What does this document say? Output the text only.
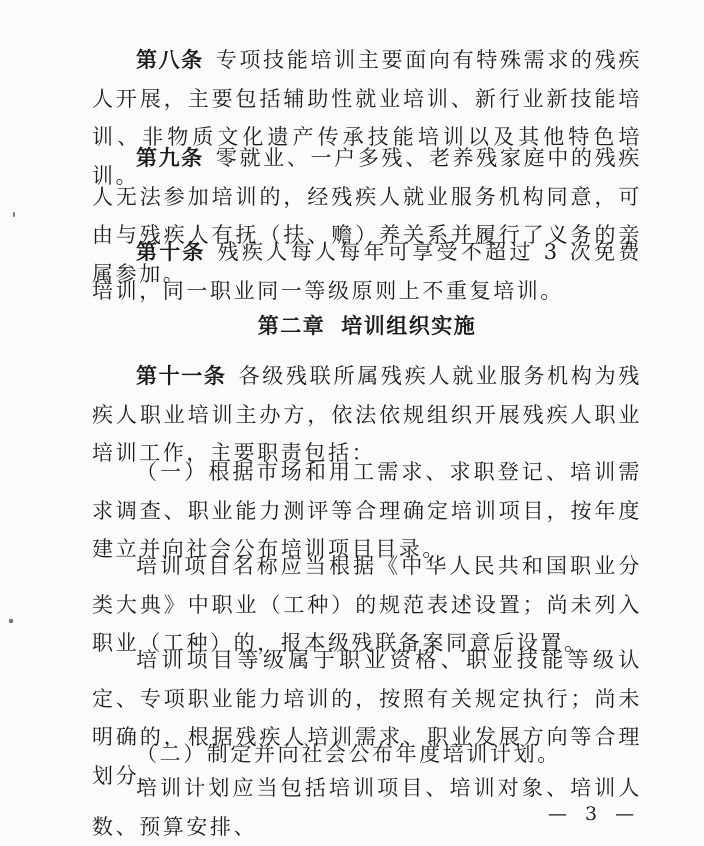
第八条 专项技能培训主要面向有特殊需求的残疾人开展，主要包括辅助性就业培训、新行业新技能培训、非物质文化遗产传承技能培训以及其他特色培训。

第九条 零就业、一户多残、老养残家庭中的残疾人无法参加培训的，经残疾人就业服务机构同意，可由与残疾人有抚（扶、赡）养关系并履行了义务的亲属参加。

第十条 残疾人每人每年可享受不超过 3 次免费培训，同一职业同一等级原则上不重复培训。

第二章 培训组织实施

第十一条 各级残联所属残疾人就业服务机构为残疾人职业培训主办方，依法依规组织开展残疾人职业培训工作，主要职责包括：

（一）根据市场和用工需求、求职登记、培训需求调查、职业能力测评等合理确定培训项目，按年度建立并向社会公布培训项目目录。

培训项目名称应当根据《中华人民共和国职业分类大典》中职业（工种）的规范表述设置；尚未列入职业（工种）的，报本级残联备案同意后设置。

培训项目等级属于职业资格、职业技能等级认定、专项职业能力培训的，按照有关规定执行；尚未明确的，根据残疾人培训需求、职业发展方向等合理划分。

（二）制定并向社会公布年度培训计划。

培训计划应当包括培训项目、培训对象、培训人数、预算安排、

— 3 —
